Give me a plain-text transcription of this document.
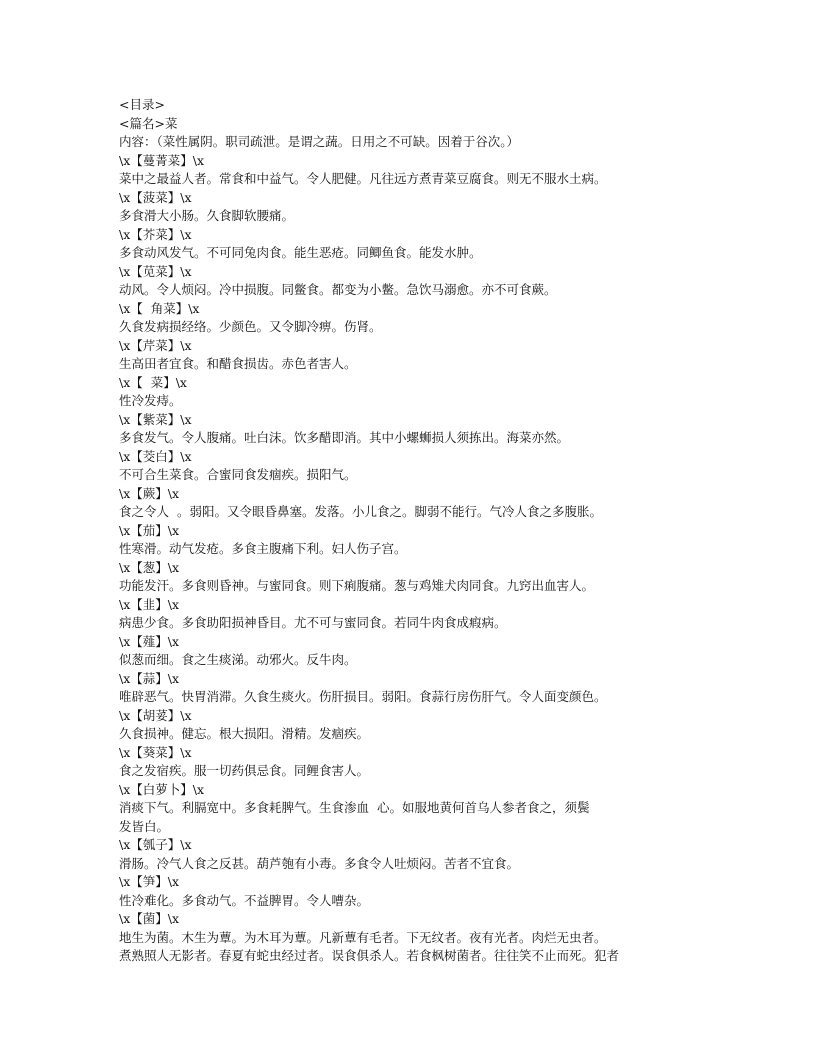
<目录>
<篇名>菜
内容：（菜性属阴。职司疏泄。是谓之蔬。日用之不可缺。因着于谷次。）
\x【蔓菁菜】\x
菜中之最益人者。常食和中益气。令人肥健。凡往远方煮青菜豆腐食。则无不服水土病。
\x【菠菜】\x
多食滑大小肠。久食脚软腰痛。
\x【芥菜】\x
多食动风发气。不可同兔肉食。能生恶疮。同鲫鱼食。能发水肿。
\x【苋菜】\x
动风。令人烦闷。冷中损腹。同鳖食。都变为小鳖。急饮马溺愈。亦不可食蕨。
\x【  角菜】\x
久食发病损经络。少颜色。又令脚冷痹。伤肾。
\x【芹菜】\x
生高田者宜食。和醋食损齿。赤色者害人。
\x【  菜】\x
性冷发痔。
\x【紫菜】\x
多食发气。令人腹痛。吐白沫。饮多醋即消。其中小螺蛳损人须拣出。海菜亦然。
\x【茭白】\x
不可合生菜食。合蜜同食发痼疾。损阳气。
\x【蕨】\x
食之令人  。弱阳。又令眼昏鼻塞。发落。小儿食之。脚弱不能行。气冷人食之多腹胀。
\x【茄】\x
性寒滑。动气发疮。多食主腹痛下利。妇人伤子宫。
\x【葱】\x
功能发汗。多食则昏神。与蜜同食。则下痢腹痛。葱与鸡雉犬肉同食。九窍出血害人。
\x【韭】\x
病患少食。多食助阳损神昏目。尤不可与蜜同食。若同牛肉食成瘕病。
\x【薤】\x
似葱而细。食之生痰涕。动邪火。反牛肉。
\x【蒜】\x
唯辟恶气。快胃消滞。久食生痰火。伤肝损目。弱阳。食蒜行房伤肝气。令人面变颜色。
\x【胡荽】\x
久食损神。健忘。根大损阳。滑精。发痼疾。
\x【葵菜】\x
食之发宿疾。服一切药俱忌食。同鲤食害人。
\x【白萝卜】\x
消痰下气。利膈宽中。多食耗脾气。生食渗血  心。如服地黄何首乌人参者食之，须鬓
发皆白。
\x【瓠子】\x
滑肠。冷气人食之反甚。葫芦匏有小毒。多食令人吐烦闷。苦者不宜食。
\x【笋】\x
性冷难化。多食动气。不益脾胃。令人嘈杂。
\x【菌】\x
地生为菌。木生为蕈。为木耳为蕈。凡新蕈有毛者。下无纹者。夜有光者。肉烂无虫者。
煮熟照人无影者。春夏有蛇虫经过者。误食俱杀人。若食枫树菌者。往往笑不止而死。犯者
